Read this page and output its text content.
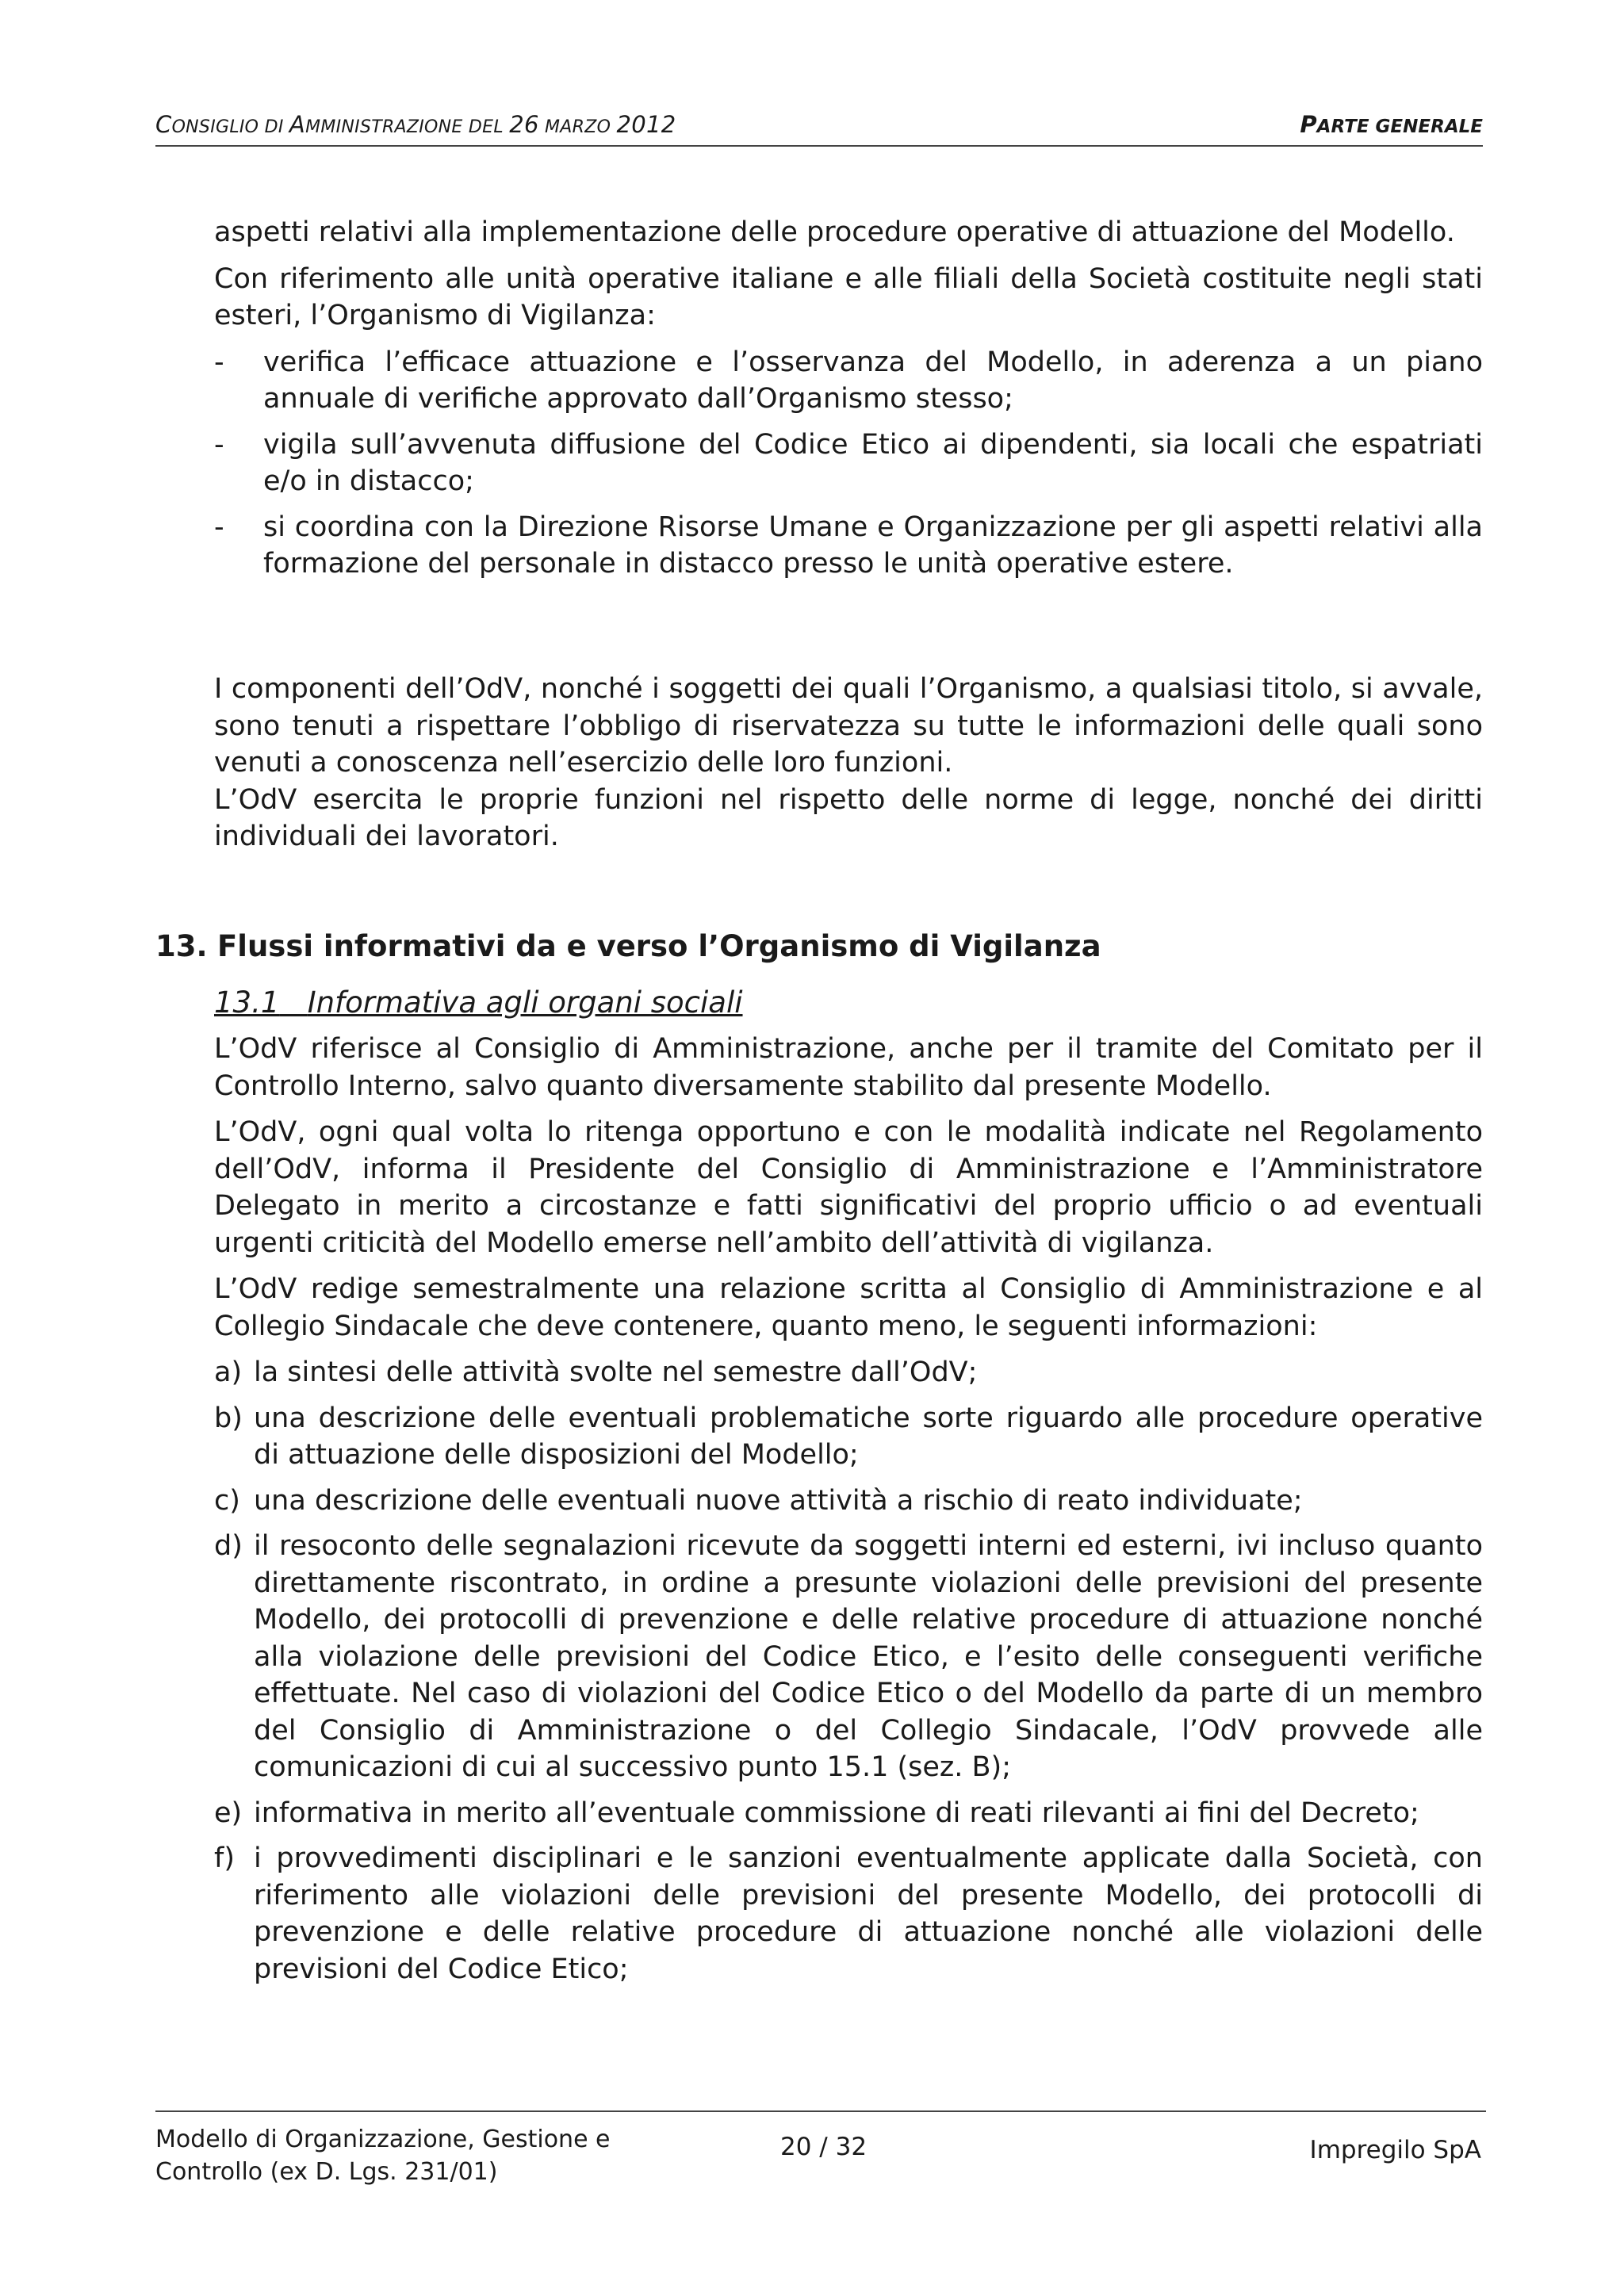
CONSIGLIO DI AMMINISTRAZIONE DEL 26 MARZO 2012	PARTE GENERALE

aspetti relativi alla implementazione delle procedure operative di attuazione del Modello.

Con riferimento alle unità operative italiane e alle filiali della Società costituite negli stati esteri, l’Organismo di Vigilanza:

- verifica l’efficace attuazione e l’osservanza del Modello, in aderenza a un piano annuale di verifiche approvato dall’Organismo stesso;
- vigila sull’avvenuta diffusione del Codice Etico ai dipendenti, sia locali che espatriati e/o in distacco;
- si coordina con la Direzione Risorse Umane e Organizzazione per gli aspetti relativi alla formazione del personale in distacco presso le unità operative estere.

I componenti dell’OdV, nonché i soggetti dei quali l’Organismo, a qualsiasi titolo, si avvale, sono tenuti a rispettare l’obbligo di riservatezza su tutte le informazioni delle quali sono venuti a conoscenza nell’esercizio delle loro funzioni.

L’OdV esercita le proprie funzioni nel rispetto delle norme di legge, nonché dei diritti individuali dei lavoratori.

13. Flussi informativi da e verso l’Organismo di Vigilanza
13.1 Informativa agli organi sociali

L’OdV riferisce al Consiglio di Amministrazione, anche per il tramite del Comitato per il Controllo Interno, salvo quanto diversamente stabilito dal presente Modello.

L’OdV, ogni qual volta lo ritenga opportuno e con le modalità indicate nel Regolamento dell’OdV, informa il Presidente del Consiglio di Amministrazione e l’Amministratore Delegato in merito a circostanze e fatti significativi del proprio ufficio o ad eventuali urgenti criticità del Modello emerse nell’ambito dell’attività di vigilanza.

L’OdV redige semestralmente una relazione scritta al Consiglio di Amministrazione e al Collegio Sindacale che deve contenere, quanto meno, le seguenti informazioni:

a) la sintesi delle attività svolte nel semestre dall’OdV;
b) una descrizione delle eventuali problematiche sorte riguardo alle procedure operative di attuazione delle disposizioni del Modello;
c) una descrizione delle eventuali nuove attività a rischio di reato individuate;
d) il resoconto delle segnalazioni ricevute da soggetti interni ed esterni, ivi incluso quanto direttamente riscontrato, in ordine a presunte violazioni delle previsioni del presente Modello, dei protocolli di prevenzione e delle relative procedure di attuazione nonché alla violazione delle previsioni del Codice Etico, e l’esito delle conseguenti verifiche effettuate. Nel caso di violazioni del Codice Etico o del Modello da parte di un membro del Consiglio di Amministrazione o del Collegio Sindacale, l’OdV provvede alle comunicazioni di cui al successivo punto 15.1 (sez. B);
e) informativa in merito all’eventuale commissione di reati rilevanti ai fini del Decreto;
f) i provvedimenti disciplinari e le sanzioni eventualmente applicate dalla Società, con riferimento alle violazioni delle previsioni del presente Modello, dei protocolli di prevenzione e delle relative procedure di attuazione nonché alle violazioni delle previsioni del Codice Etico;
Modello di Organizzazione, Gestione e
Controllo (ex D. Lgs. 231/01)
20 / 32	Impregilo SpA
